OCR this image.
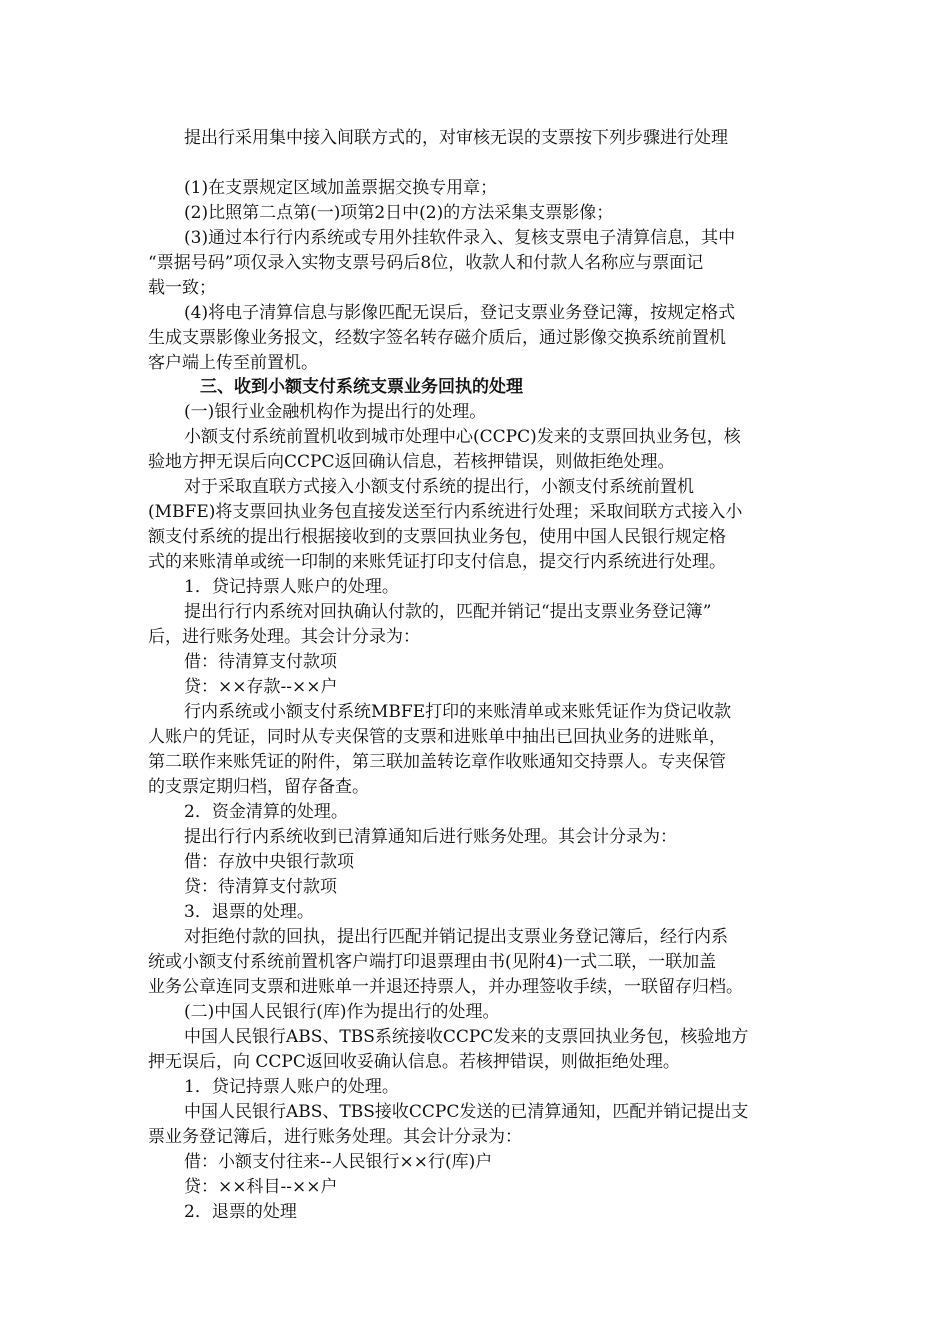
提出行采用集中接入间联方式的，对审核无误的支票按下列步骤进行处理
(1)在支票规定区域加盖票据交换专用章；
(2)比照第二点第(一)项第2日中(2)的方法采集支票影像；
(3)通过本行行内系统或专用外挂软件录入、复核支票电子清算信息，其中
“票据号码”项仅录入实物支票号码后8位，收款人和付款人名称应与票面记
载一致；
(4)将电子清算信息与影像匹配无误后，登记支票业务登记簿，按规定格式
生成支票影像业务报文，经数字签名转存磁介质后，通过影像交换系统前置机
客户端上传至前置机。
三、收到小额支付系统支票业务回执的处理
(一)银行业金融机构作为提出行的处理。
小额支付系统前置机收到城市处理中心(CCPC)发来的支票回执业务包，核
验地方押无误后向CCPC返回确认信息，若核押错误，则做拒绝处理。
对于采取直联方式接入小额支付系统的提出行，小额支付系统前置机
(MBFE)将支票回执业务包直接发送至行内系统进行处理；采取间联方式接入小
额支付系统的提出行根据接收到的支票回执业务包，使用中国人民银行规定格
式的来账清单或统一印制的来账凭证打印支付信息，提交行内系统进行处理。
1．贷记持票人账户的处理。
提出行行内系统对回执确认付款的，匹配并销记“提出支票业务登记簿”
后，进行账务处理。其会计分录为：
借：待清算支付款项
贷：××存款--××户
行内系统或小额支付系统MBFE打印的来账清单或来账凭证作为贷记收款
人账户的凭证，同时从专夹保管的支票和进账单中抽出已回执业务的进账单，
第二联作来账凭证的附件，第三联加盖转讫章作收账通知交持票人。专夹保管
的支票定期归档，留存备查。
2．资金清算的处理。
提出行行内系统收到已清算通知后进行账务处理。其会计分录为：
借：存放中央银行款项
贷：待清算支付款项
3．退票的处理。
对拒绝付款的回执，提出行匹配并销记提出支票业务登记簿后，经行内系
统或小额支付系统前置机客户端打印退票理由书(见附4)一式二联，一联加盖
业务公章连同支票和进账单一并退还持票人，并办理签收手续，一联留存归档。
(二)中国人民银行(库)作为提出行的处理。
中国人民银行ABS、TBS系统接收CCPC发来的支票回执业务包，核验地方
押无误后，向 CCPC返回收妥确认信息。若核押错误，则做拒绝处理。
1．贷记持票人账户的处理。
中国人民银行ABS、TBS接收CCPC发送的已清算通知，匹配并销记提出支
票业务登记簿后，进行账务处理。其会计分录为：
借：小额支付往来--人民银行××行(库)户
贷：××科目--××户
2．退票的处理
